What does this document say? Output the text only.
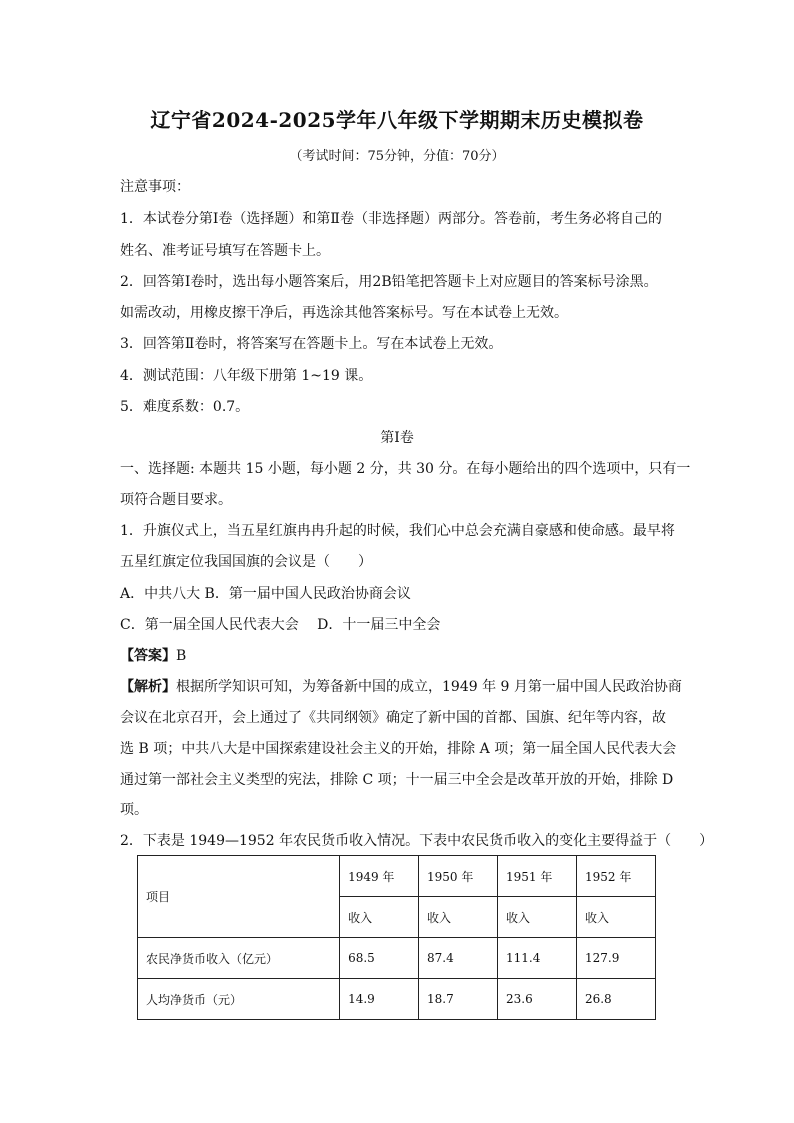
辽宁省2024-2025学年八年级下学期期末历史模拟卷
（考试时间：75分钟，分值：70分）
注意事项：
1．本试卷分第Ⅰ卷（选择题）和第Ⅱ卷（非选择题）两部分。答卷前，考生务必将自己的
姓名、准考证号填写在答题卡上。
2．回答第Ⅰ卷时，选出每小题答案后，用2B铅笔把答题卡上对应题目的答案标号涂黑。
如需改动，用橡皮擦干净后，再选涂其他答案标号。写在本试卷上无效。
3．回答第Ⅱ卷时，将答案写在答题卡上。写在本试卷上无效。
4．测试范围：八年级下册第 1~19 课。
5．难度系数：0.7。
第Ⅰ卷
一、选择题: 本题共 15 小题，每小题 2 分，共 30 分。在每小题给出的四个选项中，只有一
项符合题目要求。
1．升旗仪式上，当五星红旗冉冉升起的时候，我们心中总会充满自豪感和使命感。最早将
五星红旗定位我国国旗的会议是（　　）
A．中共八大 B．第一届中国人民政治协商会议
C．第一届全国人民代表大会　 D．十一届三中全会
【答案】B
【解析】根据所学知识可知，为筹备新中国的成立，1949 年 9 月第一届中国人民政治协商
会议在北京召开，会上通过了《共同纲领》确定了新中国的首都、国旗、纪年等内容，故
选 B 项；中共八大是中国探索建设社会主义的开始，排除 A 项；第一届全国人民代表大会
通过第一部社会主义类型的宪法，排除 C 项；十一届三中全会是改革开放的开始，排除 D
项。
2．下表是 1949—1952 年农民货币收入情况。下表中农民货币收入的变化主要得益于（　　）
项目	1949 年	1950 年	1951 年	1952 年
	收入	收入	收入	收入
农民净货币收入（亿元）	68.5	87.4	111.4	127.9
人均净货币（元）	14.9	18.7	23.6	26.8
